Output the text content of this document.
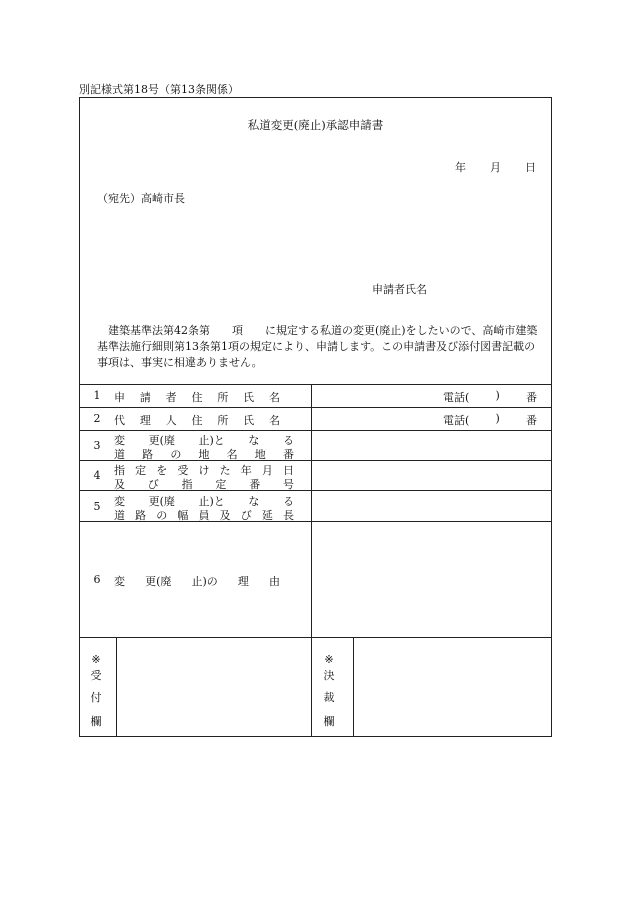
別記様式第18号（第13条関係）
私道変更(廃止)承認申請書
年 月 日
（宛先）高崎市長
申請者氏名
建築基準法第42条第　　項　　に規定する私道の変更(廃止)をしたいので、高崎市建築基準法施行細則第13条第1項の規定により、申請します。この申請書及び添付図書記載の事項は、事実に相違ありません。
1	申 請 者 住 所 氏 名	電話( ) 番
2	代 理 人 住 所 氏 名	電話( ) 番
3	変 更(廃 止)と な る
道 路 の 地 名 地 番
4	指 定 を 受 け た 年 月 日
及 び 指 定 番 号
5	変 更(廃 止)と な る
道 路 の 幅 員 及 び 延 長
6	変 更(廃 止)の 理 由
※
受
付
欄
※
決
裁
欄
